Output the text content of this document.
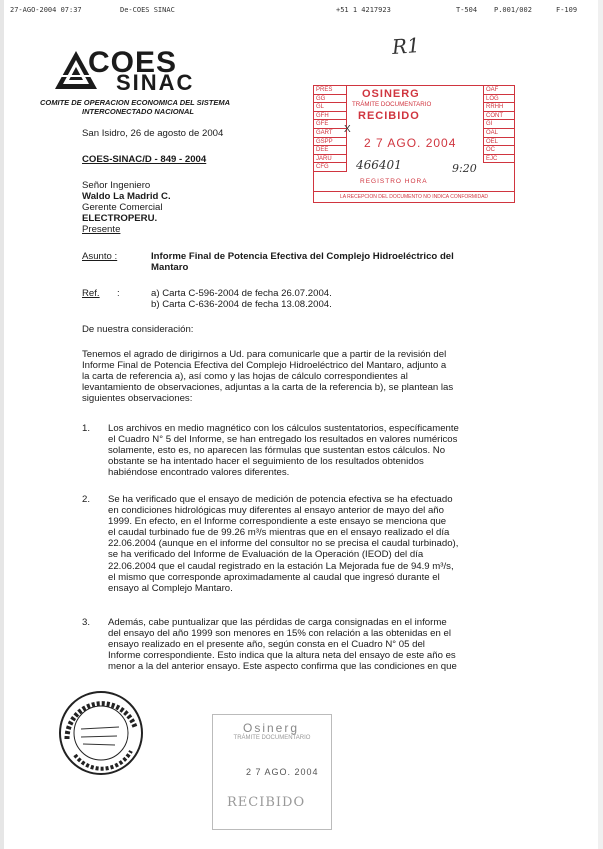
27-AGO-2004 07:37	De-COES SINAC	+51 1 4217923	T-504 P.001/002	F-109
R1
COES
SINAC
COMITE DE OPERACION ECONOMICA DEL SISTEMA
INTERCONECTADO NACIONAL
San Isidro, 26 de agosto de 2004
COES-SINAC/D - 849 - 2004
Señor Ingeniero
Waldo La Madrid C.
Gerente Comercial
ELECTROPERU.
Presente
Asunto :	Informe Final de Potencia Efectiva del Complejo Hidroeléctrico del
Mantaro
Ref. :	a) Carta C-596-2004 de fecha 26.07.2004.
b) Carta C-636-2004 de fecha 13.08.2004.
De nuestra consideración:
Tenemos el agrado de dirigirnos a Ud. para comunicarle que a partir de la revisión del
Informe Final de Potencia Efectiva del Complejo Hidroeléctrico del Mantaro, adjunto a
la carta de referencia a), así como y las hojas de cálculo correspondientes al
levantamiento de observaciones, adjuntas a la carta de la referencia b), se plantean las
siguientes observaciones:
1. Los archivos en medio magnético con los cálculos sustentatorios, específicamente
el Cuadro N° 5 del Informe, se han entregado los resultados en valores numéricos
solamente, esto es, no aparecen las fórmulas que sustentan estos cálculos. No
obstante se ha intentado hacer el seguimiento de los resultados obtenidos
habiéndose encontrado valores diferentes.
2. Se ha verificado que el ensayo de medición de potencia efectiva se ha efectuado
en condiciones hidrológicas muy diferentes al ensayo anterior de mayo del año
1999. En efecto, en el Informe correspondiente a este ensayo se menciona que
el caudal turbinado fue de 99.26 m³/s mientras que en el ensayo realizado el día
22.06.2004 (aunque en el informe del consultor no se precisa el caudal turbinado),
se ha verificado del Informe de Evaluación de la Operación (IEOD) del día
22.06.2004 que el caudal registrado en la estación La Mejorada fue de 94.9 m³/s,
el mismo que corresponde aproximadamente al caudal que ingresó durante el
ensayo al Complejo Mantaro.
3. Además, cabe puntualizar que las pérdidas de carga consignadas en el informe
del ensayo del año 1999 son menores en 15% con relación a las obtenidas en el
ensayo realizado en el presente año, según consta en el Cuadro N° 05 del
Informe correspondiente. Esto indica que la altura neta del ensayo de este año es
menor a la del anterior ensayo. Este aspecto confirma que las condiciones en que
PRES
GG
GL
GFH
GFE
GART
GSPP
DEE
JARU
CFG
OAF
LOG
RRHH
CONT
GI
OAL
OEL
OC
EJC
OSINERG
TRÁMITE DOCUMENTARIO
RECIBIDO
X
2 7 AGO. 2004
466401	9:20
REGISTRO HORA
LA RECEPCION DEL DOCUMENTO NO INDICA CONFORMIDAD
Osinerg
TRÁMITE DOCUMENTARIO
2 7 AGO. 2004
RECIBIDO
